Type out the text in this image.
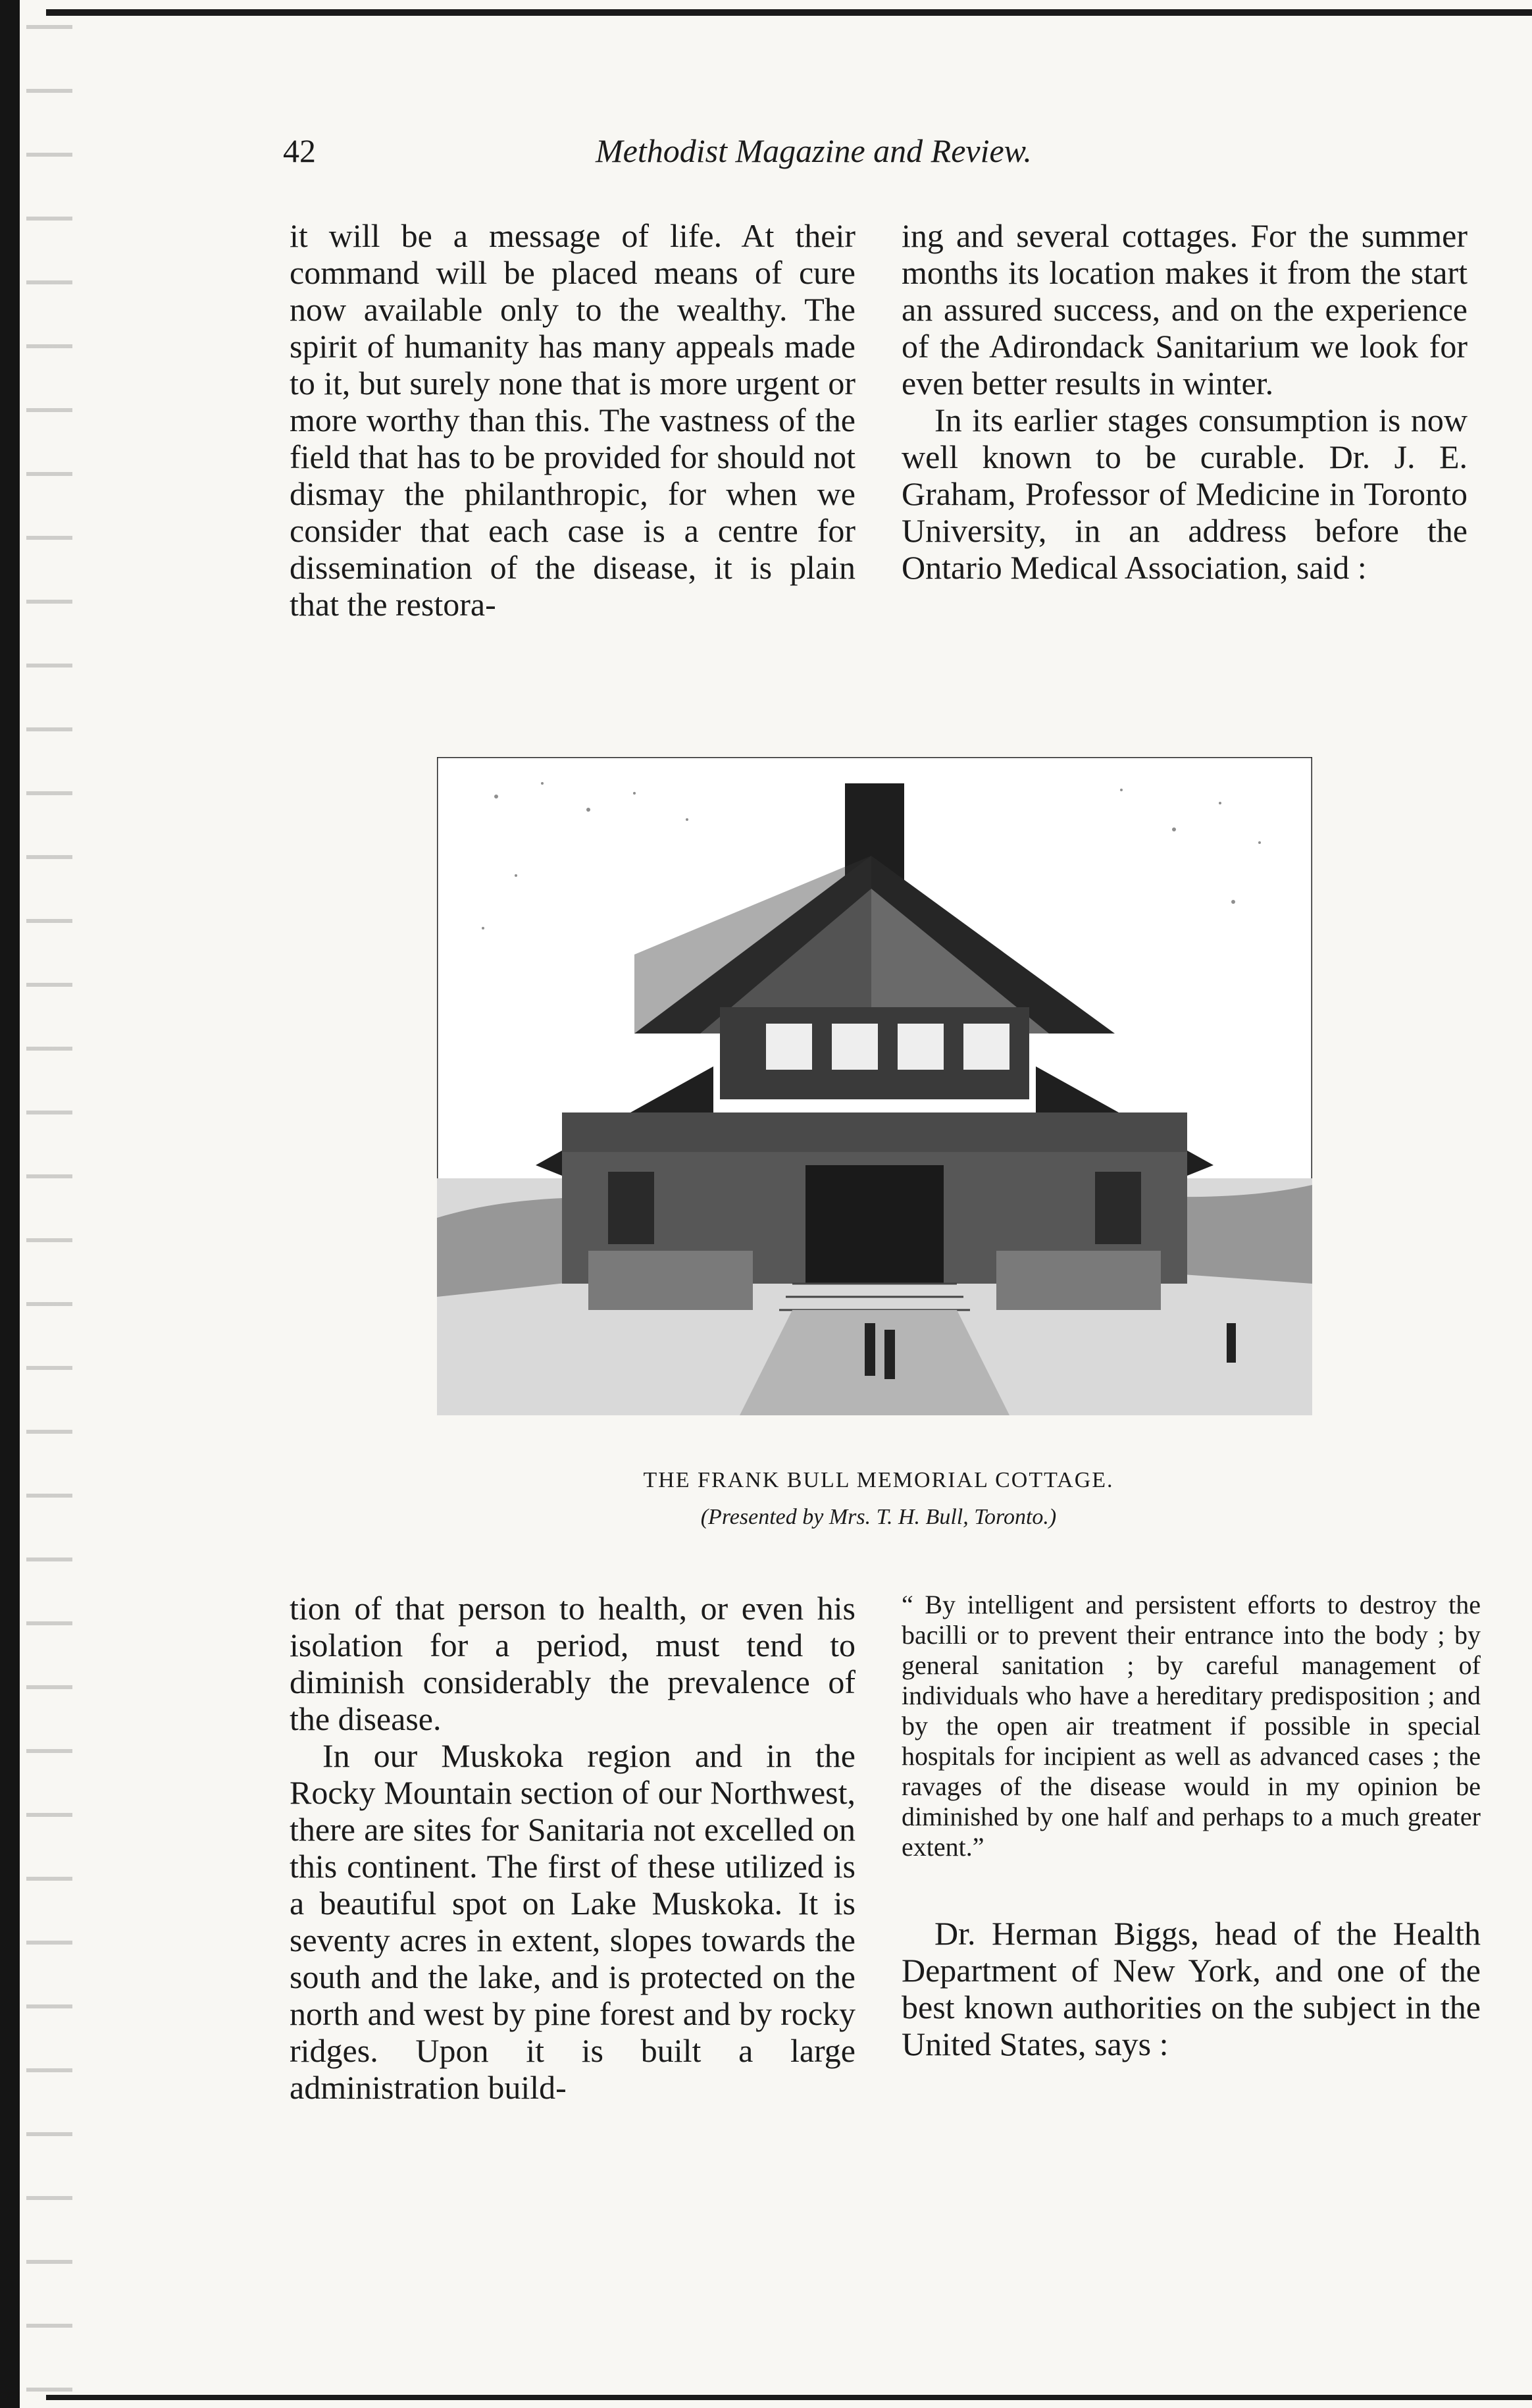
42	Methodist Magazine and Review.

it will be a message of life. At their command will be placed means of cure now available only to the wealthy. The spirit of humanity has many appeals made to it, but surely none that is more urgent or more worthy than this. The vastness of the field that has to be provided for should not dismay the philanthropic, for when we consider that each case is a centre for dissemination of the disease, it is plain that the restora-

ing and several cottages. For the summer months its location makes it from the start an assured success, and on the experience of the Adirondack Sanitarium we look for even better results in winter.

In its earlier stages consumption is now well known to be curable. Dr. J. E. Graham, Professor of Medicine in Toronto University, in an address before the Ontario Medical Association, said :

THE FRANK BULL MEMORIAL COTTAGE.
(Presented by Mrs. T. H. Bull, Toronto.)

tion of that person to health, or even his isolation for a period, must tend to diminish considerably the prevalence of the disease.

In our Muskoka region and in the Rocky Mountain section of our Northwest, there are sites for Sanitaria not excelled on this continent. The first of these utilized is a beautiful spot on Lake Muskoka. It is seventy acres in extent, slopes towards the south and the lake, and is protected on the north and west by pine forest and by rocky ridges. Upon it is built a large administration build-

“ By intelligent and persistent efforts to destroy the bacilli or to prevent their entrance into the body ; by general sanitation ; by careful management of individuals who have a hereditary predisposition ; and by the open air treatment if possible in special hospitals for incipient as well as advanced cases ; the ravages of the disease would in my opinion be diminished by one half and perhaps to a much greater extent.”

Dr. Herman Biggs, head of the Health Department of New York, and one of the best known authorities on the subject in the United States, says :
